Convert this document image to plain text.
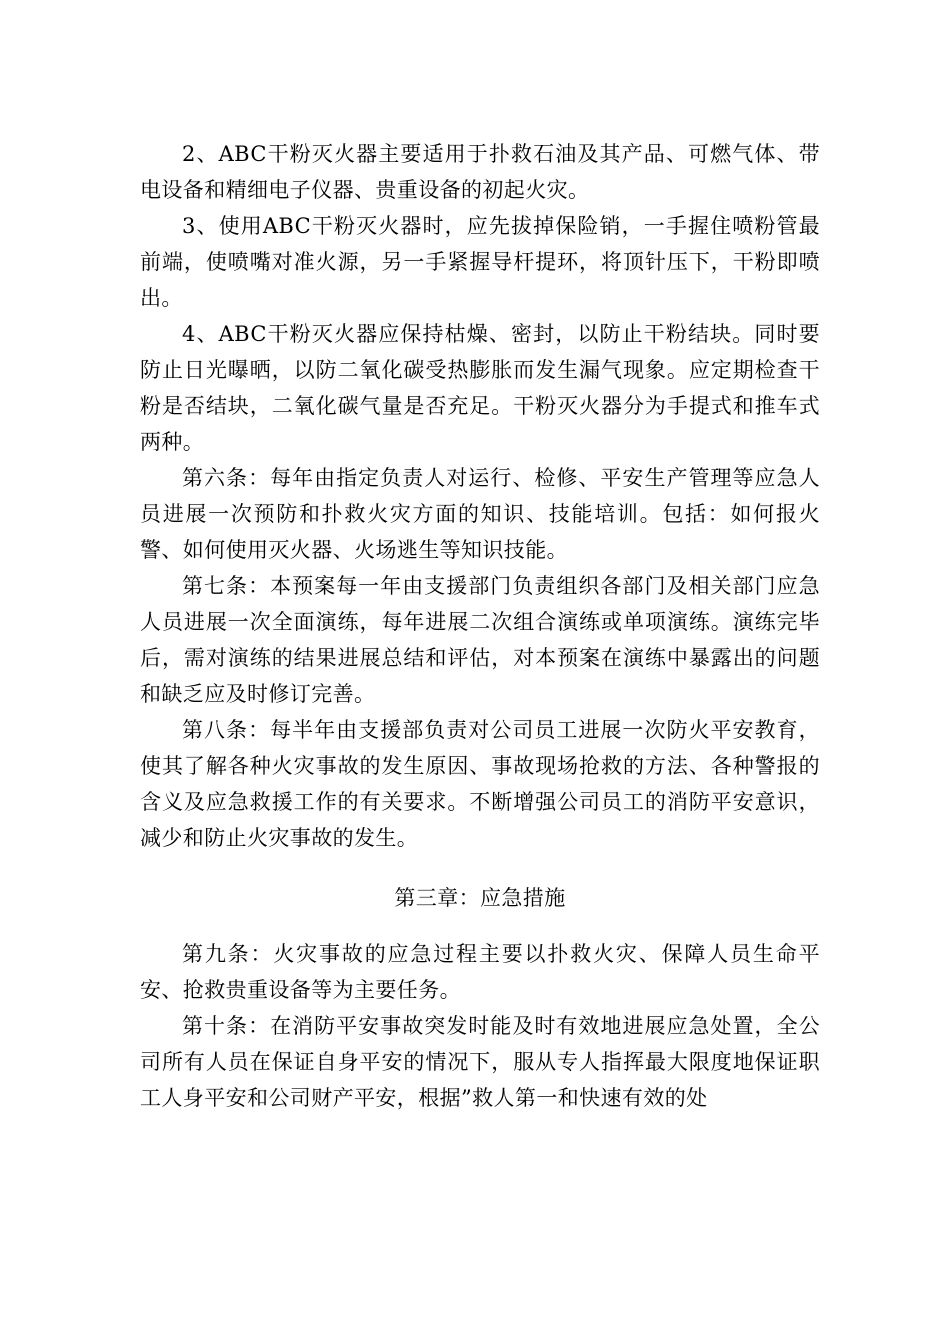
2、ABC干粉灭火器主要适用于扑救石油及其产品、可燃气体、带电设备和精细电子仪器、贵重设备的初起火灾。

3、使用ABC干粉灭火器时，应先拔掉保险销，一手握住喷粉管最前端，使喷嘴对准火源，另一手紧握导杆提环，将顶针压下，干粉即喷出。

4、ABC干粉灭火器应保持枯燥、密封，以防止干粉结块。同时要防止日光曝晒，以防二氧化碳受热膨胀而发生漏气现象。应定期检查干粉是否结块，二氧化碳气量是否充足。干粉灭火器分为手提式和推车式两种。

第六条：每年由指定负责人对运行、检修、平安生产管理等应急人员进展一次预防和扑救火灾方面的知识、技能培训。包括：如何报火警、如何使用灭火器、火场逃生等知识技能。

第七条：本预案每一年由支援部门负责组织各部门及相关部门应急人员进展一次全面演练，每年进展二次组合演练或单项演练。演练完毕后，需对演练的结果进展总结和评估，对本预案在演练中暴露出的问题和缺乏应及时修订完善。

第八条：每半年由支援部负责对公司员工进展一次防火平安教育，使其了解各种火灾事故的发生原因、事故现场抢救的方法、各种警报的含义及应急救援工作的有关要求。不断增强公司员工的消防平安意识，减少和防止火灾事故的发生。

第三章：应急措施

第九条：火灾事故的应急过程主要以扑救火灾、保障人员生命平安、抢救贵重设备等为主要任务。

第十条：在消防平安事故突发时能及时有效地进展应急处置，全公司所有人员在保证自身平安的情况下，服从专人指挥最大限度地保证职工人身平安和公司财产平安，根据”救人第一和快速有效的处
